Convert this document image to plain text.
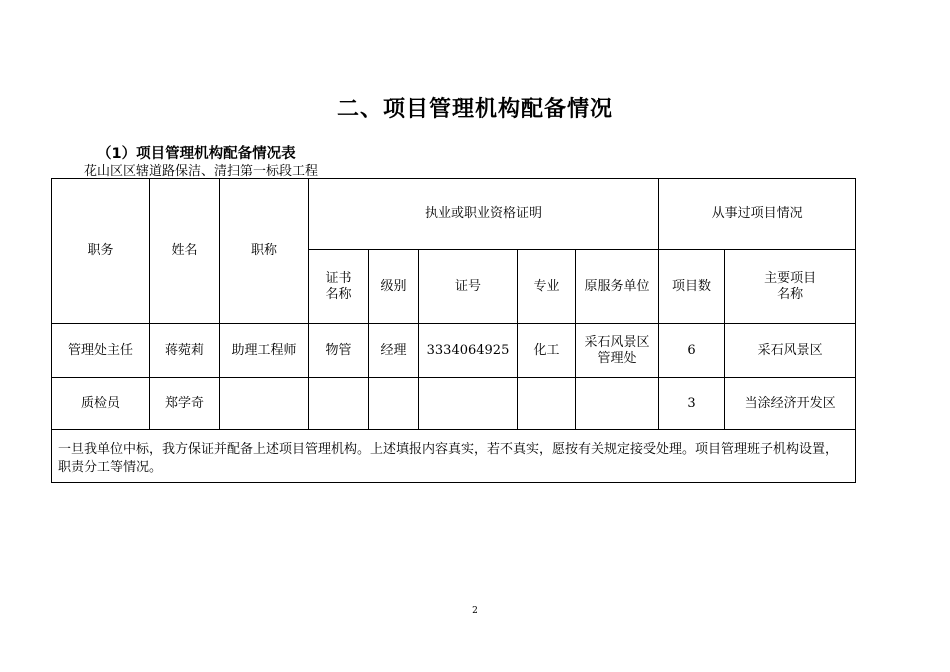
二、项目管理机构配备情况
（1）项目管理机构配备情况表
花山区区辖道路保洁、清扫第一标段工程
职务	姓名	职称	执业或职业资格证明					从事过项目情况	
			证书名称	级别	证号	专业	原服务单位	项目数	主要项目名称
管理处主任	蒋菀莉	助理工程师	物管	经理	3334064925	化工	采石风景区管理处	6	采石风景区
质检员	郑学奇							3	当涂经济开发区
一旦我单位中标，我方保证并配备上述项目管理机构。上述填报内容真实，若不真实，愿按有关规定接受处理。项目管理班子机构设置，职责分工等情况。									
2
